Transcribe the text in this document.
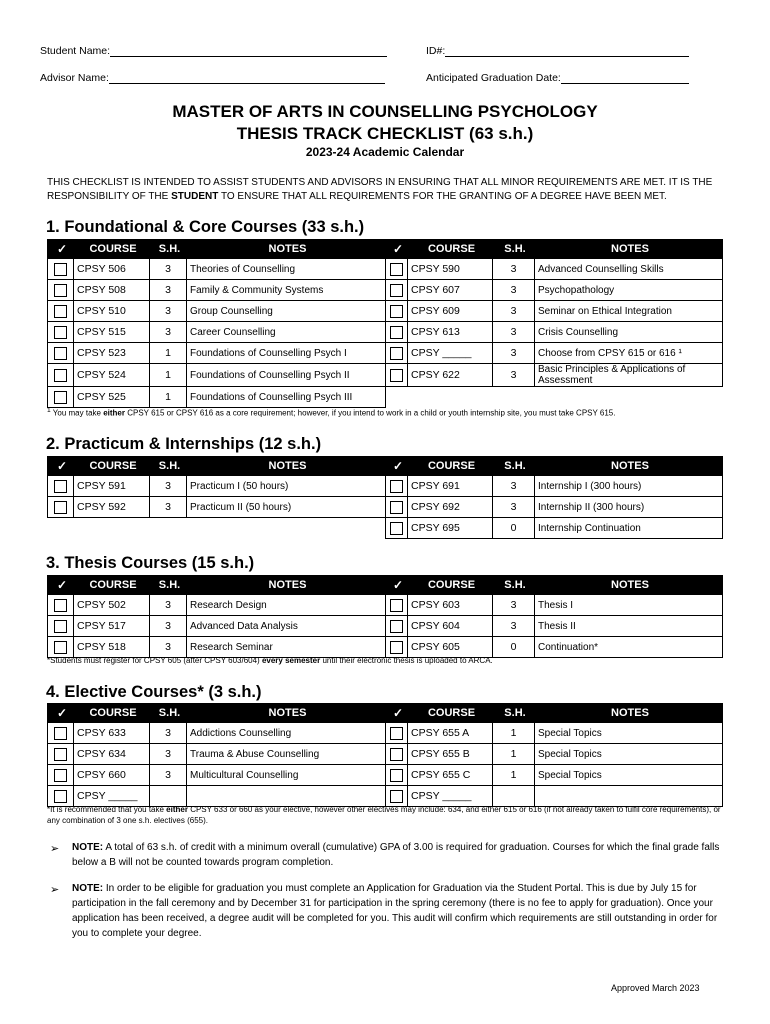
Student Name:	ID#:
Advisor Name:	Anticipated Graduation Date:
MASTER OF ARTS IN COUNSELLING PSYCHOLOGY
THESIS TRACK CHECKLIST (63 s.h.)
2023-24 Academic Calendar
THIS CHECKLIST IS INTENDED TO ASSIST STUDENTS AND ADVISORS IN ENSURING THAT ALL MINOR REQUIREMENTS ARE MET. IT IS THE RESPONSIBILITY OF THE STUDENT TO ENSURE THAT ALL REQUIREMENTS FOR THE GRANTING OF A DEGREE HAVE BEEN MET.
1. Foundational & Core Courses (33 s.h.)
✓	COURSE	S.H.	NOTES	✓	COURSE	S.H.	NOTES
	CPSY 506	3	Theories of Counselling		CPSY 590	3	Advanced Counselling Skills
	CPSY 508	3	Family & Community Systems		CPSY 607	3	Psychopathology
	CPSY 510	3	Group Counselling		CPSY 609	3	Seminar on Ethical Integration
	CPSY 515	3	Career Counselling		CPSY 613	3	Crisis Counselling
	CPSY 523	1	Foundations of Counselling Psych I		CPSY _____	3	Choose from CPSY 615 or 616 ¹
	CPSY 524	1	Foundations of Counselling Psych II		CPSY 622	3	Basic Principles & Applications of Assessment
	CPSY 525	1	Foundations of Counselling Psych III				
$^1$ You may take either CPSY 615 or CPSY 616 as a core requirement; however, if you intend to work in a child or youth internship site, you must take CPSY 615.
2. Practicum & Internships (12 s.h.)
✓	COURSE	S.H.	NOTES	✓	COURSE	S.H.	NOTES
	CPSY 591	3	Practicum I (50 hours)		CPSY 691	3	Internship I (300 hours)
	CPSY 592	3	Practicum II (50 hours)		CPSY 692	3	Internship II (300 hours)
					CPSY 695	0	Internship Continuation
3. Thesis Courses (15 s.h.)
✓	COURSE	S.H.	NOTES	✓	COURSE	S.H.	NOTES
	CPSY 502	3	Research Design		CPSY 603	3	Thesis I
	CPSY 517	3	Advanced Data Analysis		CPSY 604	3	Thesis II
	CPSY 518	3	Research Seminar		CPSY 605	0	Continuation*
*Students must register for CPSY 605 (after CPSY 603/604) every semester until their electronic thesis is uploaded to ARCA.
4. Elective Courses* (3 s.h.)
✓	COURSE	S.H.	NOTES	✓	COURSE	S.H.	NOTES
	CPSY 633	3	Addictions Counselling		CPSY 655 A	1	Special Topics
	CPSY 634	3	Trauma & Abuse Counselling		CPSY 655 B	1	Special Topics
	CPSY 660	3	Multicultural Counselling		CPSY 655 C	1	Special Topics
	CPSY _____				CPSY _____		
*It is recommended that you take either CPSY 633 or 660 as your elective, however other electives may include: 634, and either 615 or 616 (if not already taken to fulfil core requirements), or any combination of 3 one s.h. electives (655).
➢ NOTE: A total of 63 s.h. of credit with a minimum overall (cumulative) GPA of 3.00 is required for graduation. Courses for which the final grade falls below a B will not be counted towards program completion.
➢ NOTE: In order to be eligible for graduation you must complete an Application for Graduation via the Student Portal. This is due by July 15 for participation in the fall ceremony and by December 31 for participation in the spring ceremony (there is no fee to apply for graduation). Once your application has been received, a degree audit will be completed for you. This audit will confirm which requirements are still outstanding in order for you to complete your degree.
Approved March 2023
